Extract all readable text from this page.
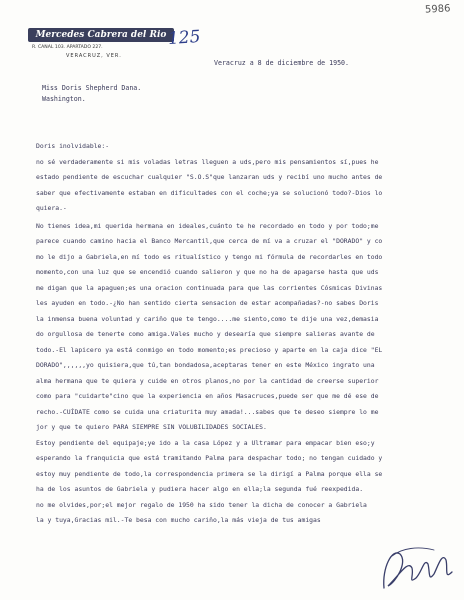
5986
Mercedes Cabrera del Rio
R. CANAL 103. APARTADO 227.
VERACRUZ, VER.
125
Veracruz a 8 de diciembre de 1950.
Miss Doris Shepherd Dana.
Washington.
Doris inolvidable:-
no sé verdaderamente si mis voladas letras lleguen a uds,pero mis pensamientos sí,pues he
estado pendiente de escuchar cualquier "S.O.S"que lanzaran uds y recibí uno mucho antes de
saber que efectivamente estaban en dificultades con el coche;ya se solucionó todo?-Dios lo
quiera.-
No tienes idea,mi querida hermana en ideales,cuánto te he recordado en todo y por todo;me
parece cuando camino hacia el Banco Mercantil,que cerca de mí va a cruzar el "DORADO" y co
mo le dijo a Gabriela,en mí todo es ritualístico y tengo mi fórmula de recordarles en todo
momento,con una luz que se encendió cuando salieron y que no ha de apagarse hasta que uds
me digan que la apaguen;es una oracion continuada para que las corrientes Cósmicas Divinas
les ayuden en todo.-¿No han sentido cierta sensacion de estar acompañadas?-no sabes Doris
la inmensa buena voluntad y cariño que te tengo....me siento,como te dije una vez,demasia
do orgullosa de tenerte como amiga.Vales mucho y desearía que siempre salieras avante de
todo.-El lapicero ya está conmigo en todo momento;es precioso y aparte en la caja dice "EL
DORADO",,,,,,yo quisiera,que tú,tan bondadosa,aceptaras tener en este México ingrato una
alma hermana que te quiera y cuide en otros planos,no por la cantidad de creerse superior
como para "cuidarte"cino que la experiencia en años Masacruces,puede ser que me dé ese de
recho.-CUÍDATE como se cuida una criaturita muy amada!...sabes que te deseo siempre lo me
jor y que te quiero PARA SIEMPRE SIN VOLUBILIDADES SOCIALES.
Estoy pendiente del equipaje;ye ido a la casa López y a Ultramar para empacar bien eso;y
esperando la franquicia que está tramitando Palma para despachar todo; no tengan cuidado y
estoy muy pendiente de todo,la correspondencia primera se la dirigí a Palma porque ella se
ha de los asuntos de Gabriela y pudiera hacer algo en ella;la segunda fué reexpedida.
no me olvides,por;el mejor regalo de 1950 ha sido tener la dicha de conocer a Gabriela
la y tuya,Gracias mil.-Te besa con mucho cariño,la más vieja de tus amigas
